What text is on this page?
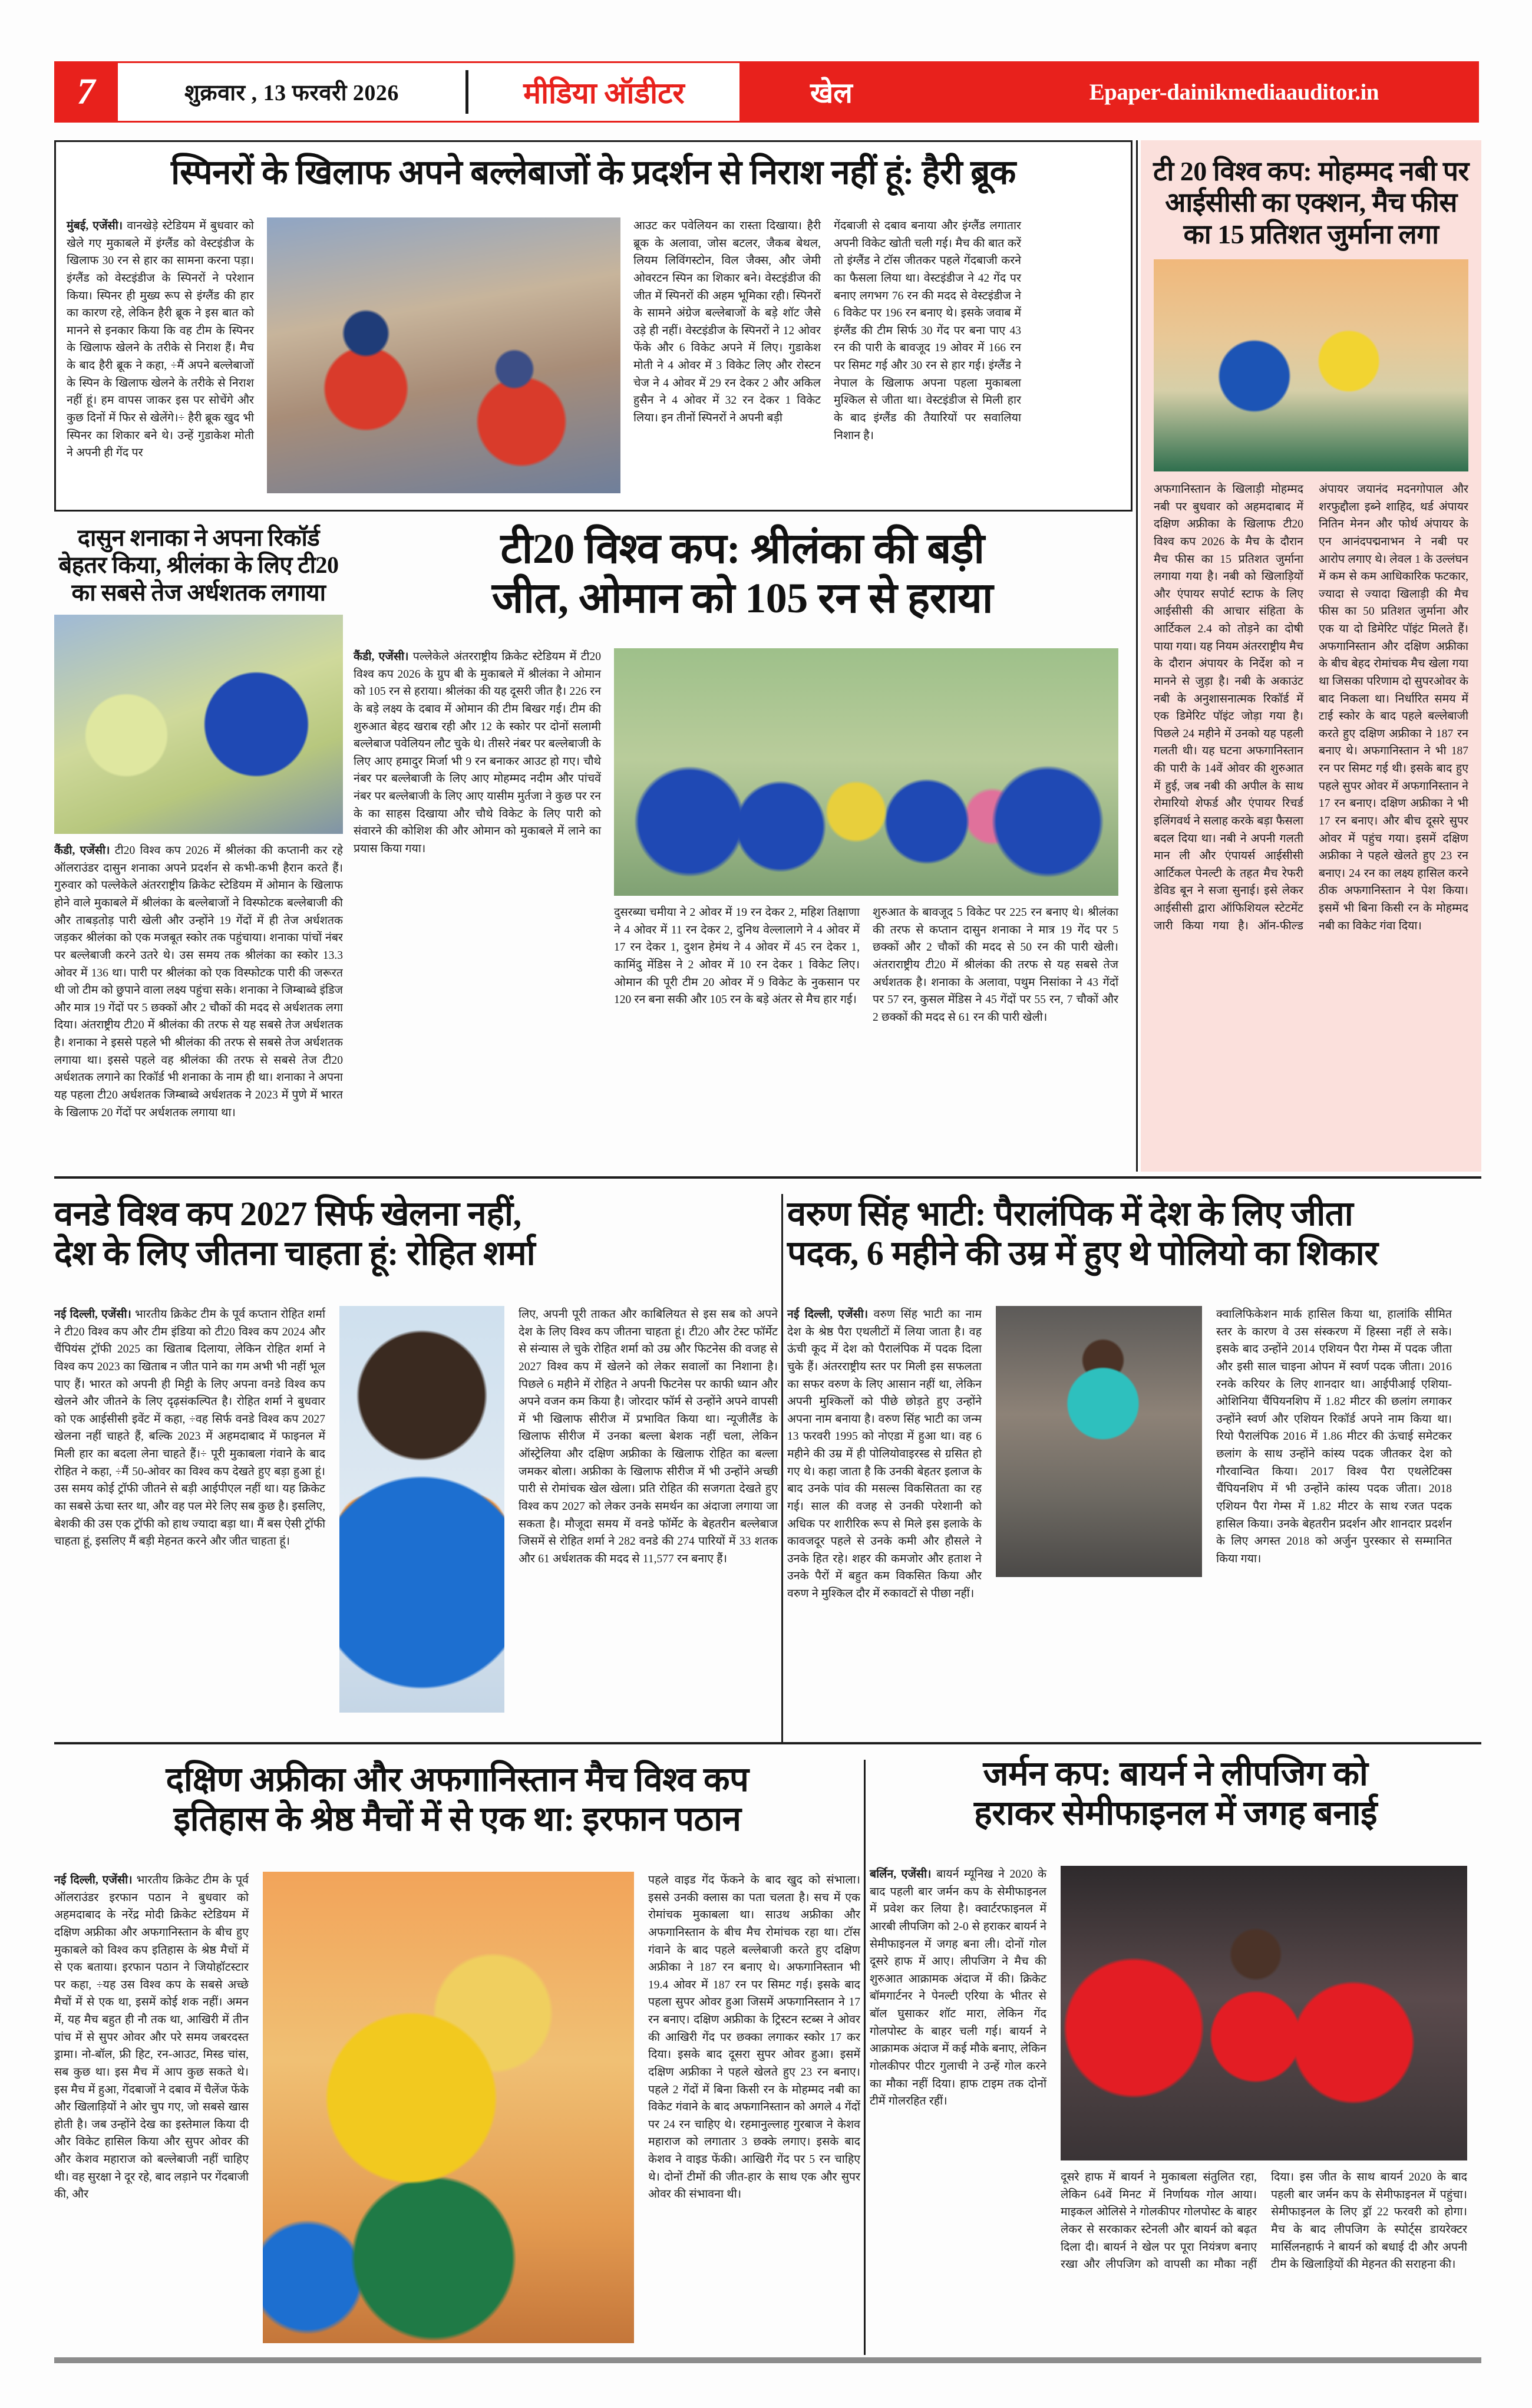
7	शुक्रवार , 13 फरवरी 2026	मीडिया ऑडीटर	खेल	Epaper-dainikmediaauditor.in
स्पिनरों के खिलाफ अपने बल्लेबाजों के प्रदर्शन से निराश नहीं हूं: हैरी ब्रूक
मुंबई, एजेंसी। वानखेड़े स्टेडियम में बुधवार को खेले गए मुकाबले में इंग्लैंड को वेस्टइंडीज के खिलाफ 30 रन से हार का सामना करना पड़ा। इंग्लैंड को वेस्टइंडीज के स्पिनरों ने परेशान किया। स्पिनर ही मुख्य रूप से इंग्लैंड की हार का कारण रहे, लेकिन हैरी ब्रूक ने इस बात को मानने से इनकार किया कि वह टीम के स्पिनर के खिलाफ खेलने के तरीके से निराश हैं। मैच के बाद हैरी ब्रूक ने कहा, ÷मैं अपने बल्लेबाजों के स्पिन के खिलाफ खेलने के तरीके से निराश नहीं हूं। हम वापस जाकर इस पर सोचेंगे और कुछ दिनों में फिर से खेलेंगे।÷ हैरी ब्रूक खुद भी स्पिनर का शिकार बने थे। उन्हें गुडाकेश मोती ने अपनी ही गेंद पर
आउट कर पवेलियन का रास्ता दिखाया। हैरी ब्रूक के अलावा, जोस बटलर, जैकब बेथल, लियम लिविंगस्टोन, विल जैक्स, और जेमी ओवरटन स्पिन का शिकार बने। वेस्टइंडीज की जीत में स्पिनरों की अहम भूमिका रही। स्पिनरों के सामने अंग्रेज बल्लेबाजों के बड़े शॉट जैसे उड़े ही नहीं। वेस्टइंडीज के स्पिनरों ने 12 ओवर फेंके और 6 विकेट अपने में लिए। गुडाकेश मोती ने 4 ओवर में 3 विकेट लिए और रोस्टन चेज ने 4 ओवर में 29 रन देकर 2 और अकिल हुसैन ने 4 ओवर में 32 रन देकर 1 विकेट लिया। इन तीनों स्पिनरों ने अपनी बड़ी
गेंदबाजी से दबाव बनाया और इंग्लैंड लगातार अपनी विकेट खोती चली गई। मैच की बात करें तो इंग्लैंड ने टॉस जीतकर पहले गेंदबाजी करने का फैसला लिया था। वेस्टइंडीज ने 42 गेंद पर बनाए लगभग 76 रन की मदद से वेस्टइंडीज ने 6 विकेट पर 196 रन बनाए थे। इसके जवाब में इंग्लैंड की टीम सिर्फ 30 गेंद पर बना पाए 43 रन की पारी के बावजूद 19 ओवर में 166 रन पर सिमट गई और 30 रन से हार गई। इंग्लैंड ने नेपाल के खिलाफ अपना पहला मुकाबला मुश्किल से जीता था। वेस्टइंडीज से मिली हार के बाद इंग्लैंड की तैयारियों पर सवालिया निशान है।
टी 20 विश्व कप: मोहम्मद नबी पर आईसीसी का एक्शन, मैच फीस का 15 प्रतिशत जुर्माना लगा
अफगानिस्तान के खिलाड़ी मोहम्मद नबी पर बुधवार को अहमदाबाद में दक्षिण अफ्रीका के खिलाफ टी20 विश्व कप 2026 के मैच के दौरान मैच फीस का 15 प्रतिशत जुर्माना लगाया गया है। नबी को खिलाड़ियों और एंपायर सपोर्ट स्टाफ के लिए आईसीसी की आचार संहिता के आर्टिकल 2.4 को तोड़ने का दोषी पाया गया। यह नियम अंतरराष्ट्रीय मैच के दौरान अंपायर के निर्देश को न मानने से जुड़ा है। नबी के अकाउंट नबी के अनुशासनात्मक रिकॉर्ड में एक डिमेरिट पॉइंट जोड़ा गया है। पिछले 24 महीने में उनको यह पहली गलती थी। यह घटना अफगानिस्तान की पारी के 14वें ओवर की शुरुआत में हुई, जब नबी की अपील के साथ रोमारियो शेफर्ड और एंपायर रिचर्ड इलिंगवर्थ ने सलाह करके बड़ा फैसला बदल दिया था। नबी ने अपनी गलती मान ली और एंपायर्स आईसीसी आर्टिकल पेनल्टी के तहत मैच रेफरी डेविड बून ने सजा सुनाई। इसे लेकर आईसीसी द्वारा ऑफिशियल स्टेटमेंट जारी किया गया है। ऑन-फील्ड अंपायर जयानंद मदनगोपाल और शरफुद्दौला इब्ने शाहिद, थर्ड अंपायर नितिन मेनन और फोर्थ अंपायर के एन आनंदपद्मनाभन ने नबी पर आरोप लगाए थे। लेवल 1 के उल्लंघन में कम से कम आधिकारिक फटकार, ज्यादा से ज्यादा खिलाड़ी की मैच फीस का 50 प्रतिशत जुर्माना और एक या दो डिमेरिट पॉइंट मिलते हैं। अफगानिस्तान और दक्षिण अफ्रीका के बीच बेहद रोमांचक मैच खेला गया था जिसका परिणाम दो सुपरओवर के बाद निकला था। निर्धारित समय में टाई स्कोर के बाद पहले बल्लेबाजी करते हुए दक्षिण अफ्रीका ने 187 रन बनाए थे। अफगानिस्तान ने भी 187 रन पर सिमट गई थी। इसके बाद हुए पहले सुपर ओवर में अफगानिस्तान ने 17 रन बनाए। दक्षिण अफ्रीका ने भी 17 रन बनाए। और बीच दूसरे सुपर ओवर में पहुंच गया। इसमें दक्षिण अफ्रीका ने पहले खेलते हुए 23 रन बनाए। 24 रन का लक्ष्य हासिल करने ठीक अफगानिस्तान ने पेश किया। इसमें भी बिना किसी रन के मोहम्मद नबी का विकेट गंवा दिया।
दासुन शनाका ने अपना रिकॉर्ड बेहतर किया, श्रीलंका के लिए टी20 का सबसे तेज अर्धशतक लगाया
कैंडी, एजेंसी। टी20 विश्व कप 2026 में श्रीलंका की कप्तानी कर रहे ऑलराउंडर दासुन शनाका अपने प्रदर्शन से कभी-कभी हैरान करते हैं। गुरुवार को पल्लेकेले अंतरराष्ट्रीय क्रिकेट स्टेडियम में ओमान के खिलाफ होने वाले मुकाबले में श्रीलंका के बल्लेबाजों ने विस्फोटक बल्लेबाजी की और ताबड़तोड़ पारी खेली और उन्होंने 19 गेंदों में ही तेज अर्धशतक जड़कर श्रीलंका को एक मजबूत स्कोर तक पहुंचाया। शनाका पांचों नंबर पर बल्लेबाजी करने उतरे थे। उस समय तक श्रीलंका का स्कोर 13.3 ओवर में 136 था। पारी पर श्रीलंका को एक विस्फोटक पारी की जरूरत थी जो टीम को छुपाने वाला लक्ष्य पहुंचा सके। शनाका ने जिम्बाब्वे इंडिज और मात्र 19 गेंदों पर 5 छक्कों और 2 चौकों की मदद से अर्धशतक लगा दिया। अंतराष्ट्रीय टी20 में श्रीलंका की तरफ से यह सबसे तेज अर्धशतक है। शनाका ने इससे पहले भी श्रीलंका की तरफ से सबसे तेज अर्धशतक लगाया था। इससे पहले वह श्रीलंका की तरफ से सबसे तेज टी20 अर्धशतक लगाने का रिकॉर्ड भी शनाका के नाम ही था। शनाका ने अपना यह पहला टी20 अर्धशतक जिम्बाब्वे अर्धशतक ने 2023 में पुणे में भारत के खिलाफ 20 गेंदों पर अर्धशतक लगाया था।
टी20 विश्व कप: श्रीलंका की बड़ी
जीत, ओमान को 105 रन से हराया
कैंडी, एजेंसी। पल्लेकेले अंतरराष्ट्रीय क्रिकेट स्टेडियम में टी20 विश्व कप 2026 के ग्रुप बी के मुकाबले में श्रीलंका ने ओमान को 105 रन से हराया। श्रीलंका की यह दूसरी जीत है। 226 रन के बड़े लक्ष्य के दबाव में ओमान की टीम बिखर गई। टीम की शुरुआत बेहद खराब रही और 12 के स्कोर पर दोनों सलामी बल्लेबाज पवेलियन लौट चुके थे। तीसरे नंबर पर बल्लेबाजी के लिए आए हमादुर मिर्जा भी 9 रन बनाकर आउट हो गए। चौथे नंबर पर बल्लेबाजी के लिए आए मोहम्मद नदीम और पांचवें नंबर पर बल्लेबाजी के लिए आए यासीम मुर्तजा ने कुछ पर रन के का साहस दिखाया और चौथे विकेट के लिए पारी को संवारने की कोशिश की और ओमान को मुकाबले में लाने का प्रयास किया गया।
दुसरब्या चमीया ने 2 ओवर में 19 रन देकर 2, महिश तिक्षाणा ने 4 ओवर में 11 रन देकर 2, दुनिथ वेल्लालागे ने 4 ओवर में 17 रन देकर 1, दुशन हेमंथ ने 4 ओवर में 45 रन देकर 1, कामिंदु मेंडिस ने 2 ओवर में 10 रन देकर 1 विकेट लिए। ओमान की पूरी टीम 20 ओवर में 9 विकेट के नुकसान पर 120 रन बना सकी और 105 रन के बड़े अंतर से मैच हार गई।
शुरुआत के बावजूद 5 विकेट पर 225 रन बनाए थे। श्रीलंका की तरफ से कप्तान दासुन शनाका ने मात्र 19 गेंद पर 5 छक्कों और 2 चौकों की मदद से 50 रन की पारी खेली। अंतराराष्ट्रीय टी20 में श्रीलंका की तरफ से यह सबसे तेज अर्धशतक है। शनाका के अलावा, पथुम निसांका ने 43 गेंदों पर 57 रन, कुसल मेंडिस ने 45 गेंदों पर 55 रन, 7 चौकों और 2 छक्कों की मदद से 61 रन की पारी खेली।
वनडे विश्व कप 2027 सिर्फ खेलना नहीं,
देश के लिए जीतना चाहता हूं: रोहित शर्मा
नई दिल्ली, एजेंसी। भारतीय क्रिकेट टीम के पूर्व कप्तान रोहित शर्मा ने टी20 विश्व कप और टीम इंडिया को टी20 विश्व कप 2024 और चैंपियंस ट्रॉफी 2025 का खिताब दिलाया, लेकिन रोहित शर्मा ने विश्व कप 2023 का खिताब न जीत पाने का गम अभी भी नहीं भूल पाए हैं। भारत को अपनी ही मिट्टी के लिए अपना वनडे विश्व कप खेलने और जीतने के लिए दृढ़संकल्पित है। रोहित शर्मा ने बुधवार को एक आईसीसी इवेंट में कहा, ÷वह सिर्फ वनडे विश्व कप 2027 खेलना नहीं चाहते हैं, बल्कि 2023 में अहमदाबाद में फाइनल में मिली हार का बदला लेना चाहते हैं।÷ पूरी मुकाबला गंवाने के बाद रोहित ने कहा, ÷मैं 50-ओवर का विश्व कप देखते हुए बड़ा हुआ हूं। उस समय कोई ट्रॉफी जीतने से बड़ी आईपीएल नहीं था। यह क्रिकेट का सबसे ऊंचा स्तर था, और वह पल मेरे लिए सब कुछ है। इसलिए, बेशकी की उस एक ट्रॉफी को हाथ ज्यादा बड़ा था। मैं बस ऐसी ट्रॉफी चाहता हूं, इसलिए मैं बड़ी मेहनत करने और जीत चाहता हूं।
लिए, अपनी पूरी ताकत और काबिलियत से इस सब को अपने देश के लिए विश्व कप जीतना चाहता हूं। टी20 और टेस्ट फॉर्मेट से संन्यास ले चुके रोहित शर्मा को उम्र और फिटनेस की वजह से 2027 विश्व कप में खेलने को लेकर सवालों का निशाना है। पिछले 6 महीने में रोहित ने अपनी फिटनेस पर काफी ध्यान और अपने वजन कम किया है। जोरदार फॉर्म से उन्होंने अपने वापसी में भी खिलाफ सीरीज में प्रभावित किया था। न्यूजीलैंड के खिलाफ सीरीज में उनका बल्ला बेशक नहीं चला, लेकिन ऑस्ट्रेलिया और दक्षिण अफ्रीका के खिलाफ रोहित का बल्ला जमकर बोला। अफ्रीका के खिलाफ सीरीज में भी उन्होंने अच्छी पारी से रोमांचक खेल खेला। प्रति रोहित की सजगता देखते हुए विश्व कप 2027 को लेकर उनके समर्थन का अंदाजा लगाया जा सकता है। मौजूदा समय में वनडे फॉर्मेट के बेहतरीन बल्लेबाज जिसमें से रोहित शर्मा ने 282 वनडे की 274 पारियों में 33 शतक और 61 अर्धशतक की मदद से 11,577 रन बनाए हैं।
वरुण सिंह भाटी: पैरालंपिक में देश के लिए जीता
पदक, 6 महीने की उम्र में हुए थे पोलियो का शिकार
नई दिल्ली, एजेंसी। वरुण सिंह भाटी का नाम देश के श्रेष्ठ पैरा एथलीटों में लिया जाता है। वह ऊंची कूद में देश को पैरालंपिक में पदक दिला चुके हैं। अंतरराष्ट्रीय स्तर पर मिली इस सफलता का सफर वरुण के लिए आसान नहीं था, लेकिन अपनी मुश्किलों को पीछे छोड़ते हुए उन्होंने अपना नाम बनाया है। वरुण सिंह भाटी का जन्म 13 फरवरी 1995 को नोएडा में हुआ था। वह 6 महीने की उम्र में ही पोलियोवाइरस्ड से ग्रसित हो गए थे। कहा जाता है कि उनकी बेहतर इलाज के बाद उनके पांव की मसल्स विकसितता का रह गई। साल की वजह से उनकी परेशानी को अधिक पर शारीरिक रूप से मिले इस इलाके के कावजदूर पहले से उनके कमी और हौसले ने उनके हित रहे। शहर की कमजोर और हताश ने उनके पैरों में बहुत कम विकसित किया और वरुण ने मुश्किल दौर में रुकावटों से पीछा नहीं।
क्वालिफिकेशन मार्क हासिल किया था, हालांकि सीमित स्तर के कारण वे उस संस्करण में हिस्सा नहीं ले सके। इसके बाद उन्होंने 2014 एशियन पैरा गेम्स में पदक जीता और इसी साल चाइना ओपन में स्वर्ण पदक जीता। 2016 रनके करियर के लिए शानदार था। आईपीआई एशिया-ओशिनिया चैंपियनशिप में 1.82 मीटर की छलांग लगाकर उन्होंने स्वर्ण और एशियन रिकॉर्ड अपने नाम किया था। रियो पैरालंपिक 2016 में 1.86 मीटर की ऊंचाई समेटकर छलांग के साथ उन्होंने कांस्य पदक जीतकर देश को गौरवान्वित किया। 2017 विश्व पैरा एथलेटिक्स चैंपियनशिप में भी उन्होंने कांस्य पदक जीता। 2018 एशियन पैरा गेम्स में 1.82 मीटर के साथ रजत पदक हासिल किया। उनके बेहतरीन प्रदर्शन और शानदार प्रदर्शन के लिए अगस्त 2018 को अर्जुन पुरस्कार से सम्मानित किया गया।
दक्षिण अफ्रीका और अफगानिस्तान मैच विश्व कप
इतिहास के श्रेष्ठ मैचों में से एक था: इरफान पठान
नई दिल्ली, एजेंसी। भारतीय क्रिकेट टीम के पूर्व ऑलराउंडर इरफान पठान ने बुधवार को अहमदाबाद के नरेंद्र मोदी क्रिकेट स्टेडियम में दक्षिण अफ्रीका और अफगानिस्तान के बीच हुए मुकाबले को विश्व कप इतिहास के श्रेष्ठ मैचों में से एक बताया। इरफान पठान ने जियोहॉटस्टार पर कहा, ÷यह उस विश्व कप के सबसे अच्छे मैचों में से एक था, इसमें कोई शक नहीं। अमन में, यह मैच बहुत ही नौ तक था, आखिरी में तीन पांच में से सुपर ओवर और परे समय जबरदस्त ड्रामा। नो-बॉल, फ्री हिट, रन-आउट, मिस्ड चांस, सब कुछ था। इस मैच में आप कुछ सकते थे। इस मैच में हुआ, गेंदबाजों ने दबाव में चैलेंज फेंके और खिलाड़ियों ने ओर चुप गए, जो सबसे खास होती है। जब उन्होंने देख का इस्तेमाल किया दी और विकेट हासिल किया और सुपर ओवर की और केशव महाराज को बल्लेबाजी नहीं चाहिए थी। वह सुरक्षा ने दूर रहे, बाद लड़ाने पर गेंदबाजी की, और
पहले वाइड गेंद फेंकने के बाद खुद को संभाला। इससे उनकी क्लास का पता चलता है। सच में एक रोमांचक मुकाबला था। साउथ अफ्रीका और अफगानिस्तान के बीच मैच रोमांचक रहा था। टॉस गंवाने के बाद पहले बल्लेबाजी करते हुए दक्षिण अफ्रीका ने 187 रन बनाए थे। अफगानिस्तान भी 19.4 ओवर में 187 रन पर सिमट गई। इसके बाद पहला सुपर ओवर हुआ जिसमें अफगानिस्तान ने 17 रन बनाए। दक्षिण अफ्रीका के ट्रिस्टन स्टब्स ने ओवर की आखिरी गेंद पर छक्का लगाकर स्कोर 17 कर दिया। इसके बाद दूसरा सुपर ओवर हुआ। इसमें दक्षिण अफ्रीका ने पहले खेलते हुए 23 रन बनाए। पहले 2 गेंदों में बिना किसी रन के मोहम्मद नबी का विकेट गंवाने के बाद अफगानिस्तान को अगले 4 गेंदों पर 24 रन चाहिए थे। रहमानुल्लाह गुरबाज ने केशव महाराज को लगातार 3 छक्के लगाए। इसके बाद केशव ने वाइड फेंकी। आखिरी गेंद पर 5 रन चाहिए थे। दोनों टीमों की जीत-हार के साथ एक और सुपर ओवर की संभावना थी।
जर्मन कप: बायर्न ने लीपजिग को
हराकर सेमीफाइनल में जगह बनाई
बर्लिन, एजेंसी। बायर्न म्यूनिख ने 2020 के बाद पहली बार जर्मन कप के सेमीफाइनल में प्रवेश कर लिया है। क्वार्टरफाइनल में आरबी लीपजिग को 2-0 से हराकर बायर्न ने सेमीफाइनल में जगह बना ली। दोनों गोल दूसरे हाफ में आए। लीपजिग ने मैच की शुरुआत आक्रामक अंदाज में की। क्रिकेट बॉमगार्टनर ने पेनल्टी एरिया के भीतर से बॉल घुसाकर शॉट मारा, लेकिन गेंद गोलपोस्ट के बाहर चली गई। बायर्न ने आक्रामक अंदाज में कई मौके बनाए, लेकिन गोलकीपर पीटर गुलाची ने उन्हें गोल करने का मौका नहीं दिया। हाफ टाइम तक दोनों टीमें गोलरहित रहीं।
दूसरे हाफ में बायर्न ने मुकाबला संतुलित रहा, लेकिन 64वें मिनट में निर्णायक गोल आया। माइकल ओलिसे ने गोलकीपर गोलपोस्ट के बाहर लेकर से सरकाकर स्टेनली और बायर्न को बढ़त दिला दी। बायर्न ने खेल पर पूरा नियंत्रण बनाए रखा और लीपजिग को वापसी का मौका नहीं दिया। इस जीत के साथ बायर्न 2020 के बाद पहली बार जर्मन कप के सेमीफाइनल में पहुंचा। सेमीफाइनल के लिए ड्रॉ 22 फरवरी को होगा। मैच के बाद लीपजिग के स्पोर्ट्स डायरेक्टर मार्सिलनहार्फ ने बायर्न को बधाई दी और अपनी टीम के खिलाड़ियों की मेहनत की सराहना की।
